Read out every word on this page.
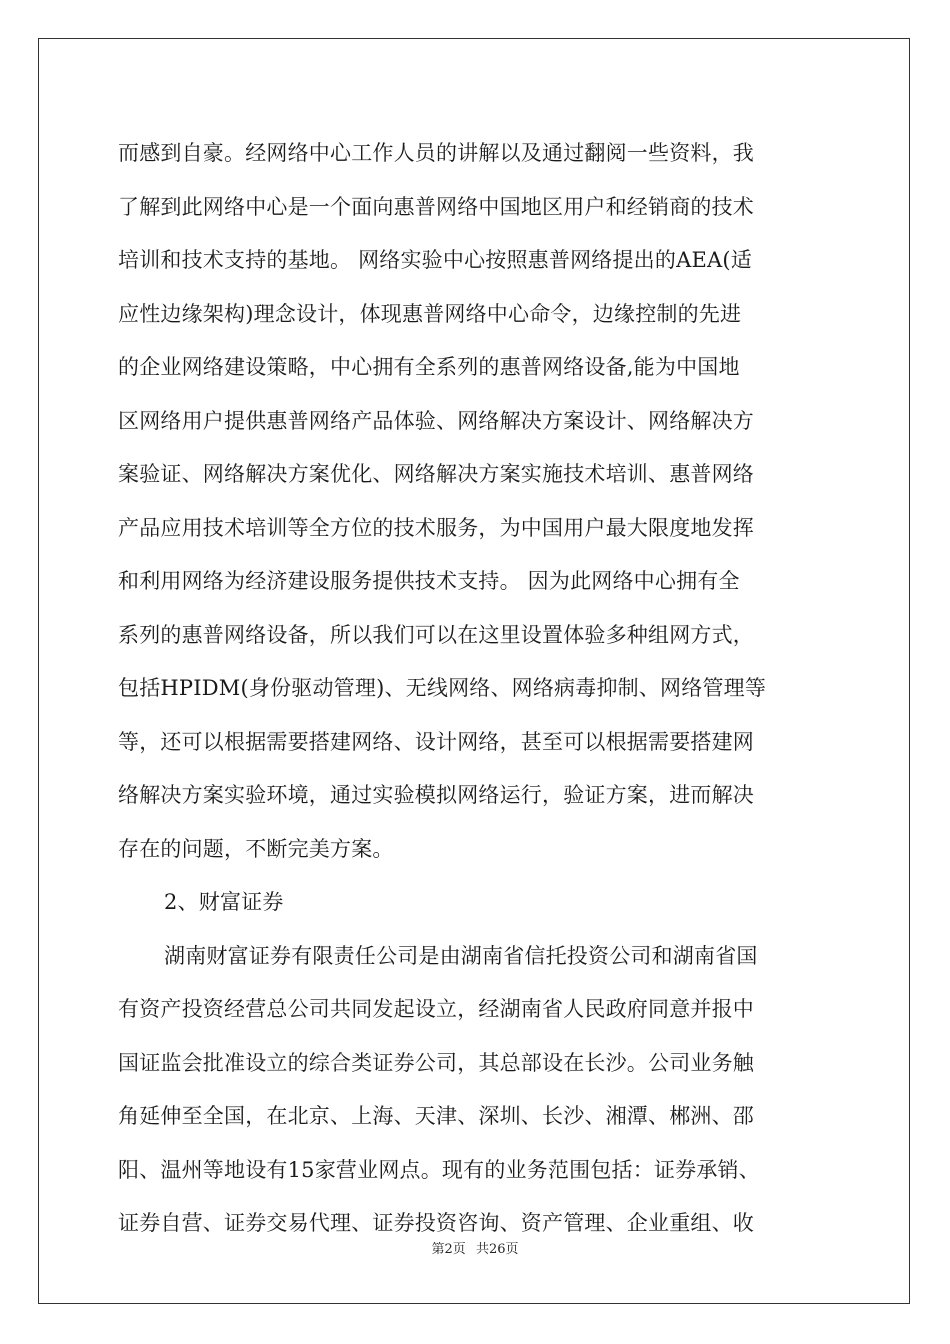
而感到自豪。经网络中心工作人员的讲解以及通过翻阅一些资料，我
了解到此网络中心是一个面向惠普网络中国地区用户和经销商的技术
培训和技术支持的基地。 网络实验中心按照惠普网络提出的AEA(适
应性边缘架构)理念设计，体现惠普网络中心命令，边缘控制的先进
的企业网络建设策略，中心拥有全系列的惠普网络设备,能为中国地
区网络用户提供惠普网络产品体验、网络解决方案设计、网络解决方
案验证、网络解决方案优化、网络解决方案实施技术培训、惠普网络
产品应用技术培训等全方位的技术服务，为中国用户最大限度地发挥
和利用网络为经济建设服务提供技术支持。 因为此网络中心拥有全
系列的惠普网络设备，所以我们可以在这里设置体验多种组网方式，
包括HPIDM(身份驱动管理)、无线网络、网络病毒抑制、网络管理等
等，还可以根据需要搭建网络、设计网络，甚至可以根据需要搭建网
络解决方案实验环境，通过实验模拟网络运行，验证方案，进而解决
存在的问题，不断完美方案。
2、财富证券
湖南财富证券有限责任公司是由湖南省信托投资公司和湖南省国
有资产投资经营总公司共同发起设立，经湖南省人民政府同意并报中
国证监会批准设立的综合类证券公司，其总部设在长沙。公司业务触
角延伸至全国，在北京、上海、天津、深圳、长沙、湘潭、郴洲、邵
阳、温州等地设有15家营业网点。现有的业务范围包括：证券承销、
证券自营、证券交易代理、证券投资咨询、资产管理、企业重组、收
第2页 共26页
